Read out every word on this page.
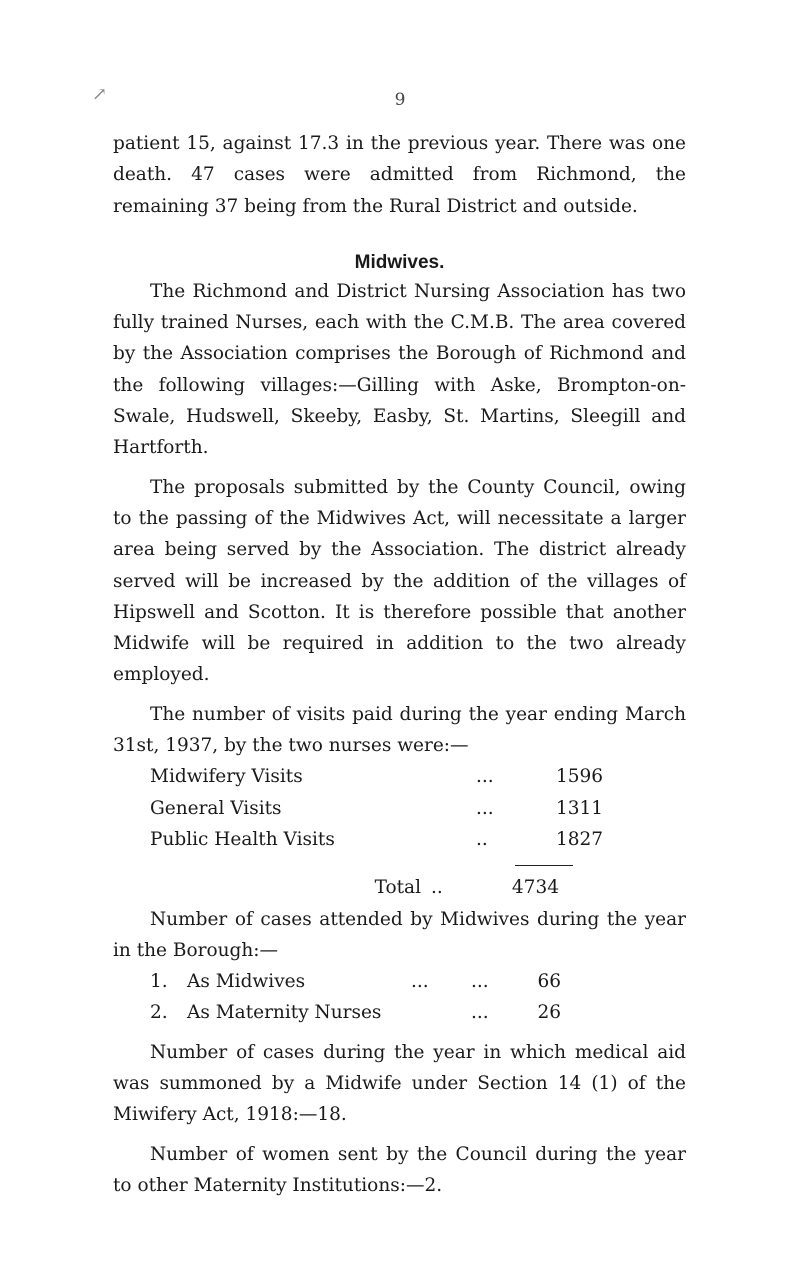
↗	9

patient 15, against 17.3 in the previous year. There was one death. 47 cases were admitted from Richmond, the remaining 37 being from the Rural District and outside.

Midwives.

The Richmond and District Nursing Association has two fully trained Nurses, each with the C.M.B. The area covered by the Association comprises the Borough of Richmond and the following villages:—Gilling with Aske, Brompton-on-Swale, Hudswell, Skeeby, Easby, St. Martins, Sleegill and Hartforth.

The proposals submitted by the County Council, owing to the passing of the Midwives Act, will necessitate a larger area being served by the Association. The district already served will be increased by the addition of the villages of Hipswell and Scotton. It is therefore possible that another Midwife will be required in addition to the two already employed.

The number of visits paid during the year ending March 31st, 1937, by the two nurses were:—

Midwifery Visits	...	1596
General Visits	...	1311
Public Health Visits	..	1827
Total ..	4734

Number of cases attended by Midwives during the year in the Borough:—

1.	As Midwives	...	...	66
2.	As Maternity Nurses	...	26

Number of cases during the year in which medical aid was summoned by a Midwife under Section 14 (1) of the Miwifery Act, 1918:—18.

Number of women sent by the Council during the year to other Maternity Institutions:—2.
